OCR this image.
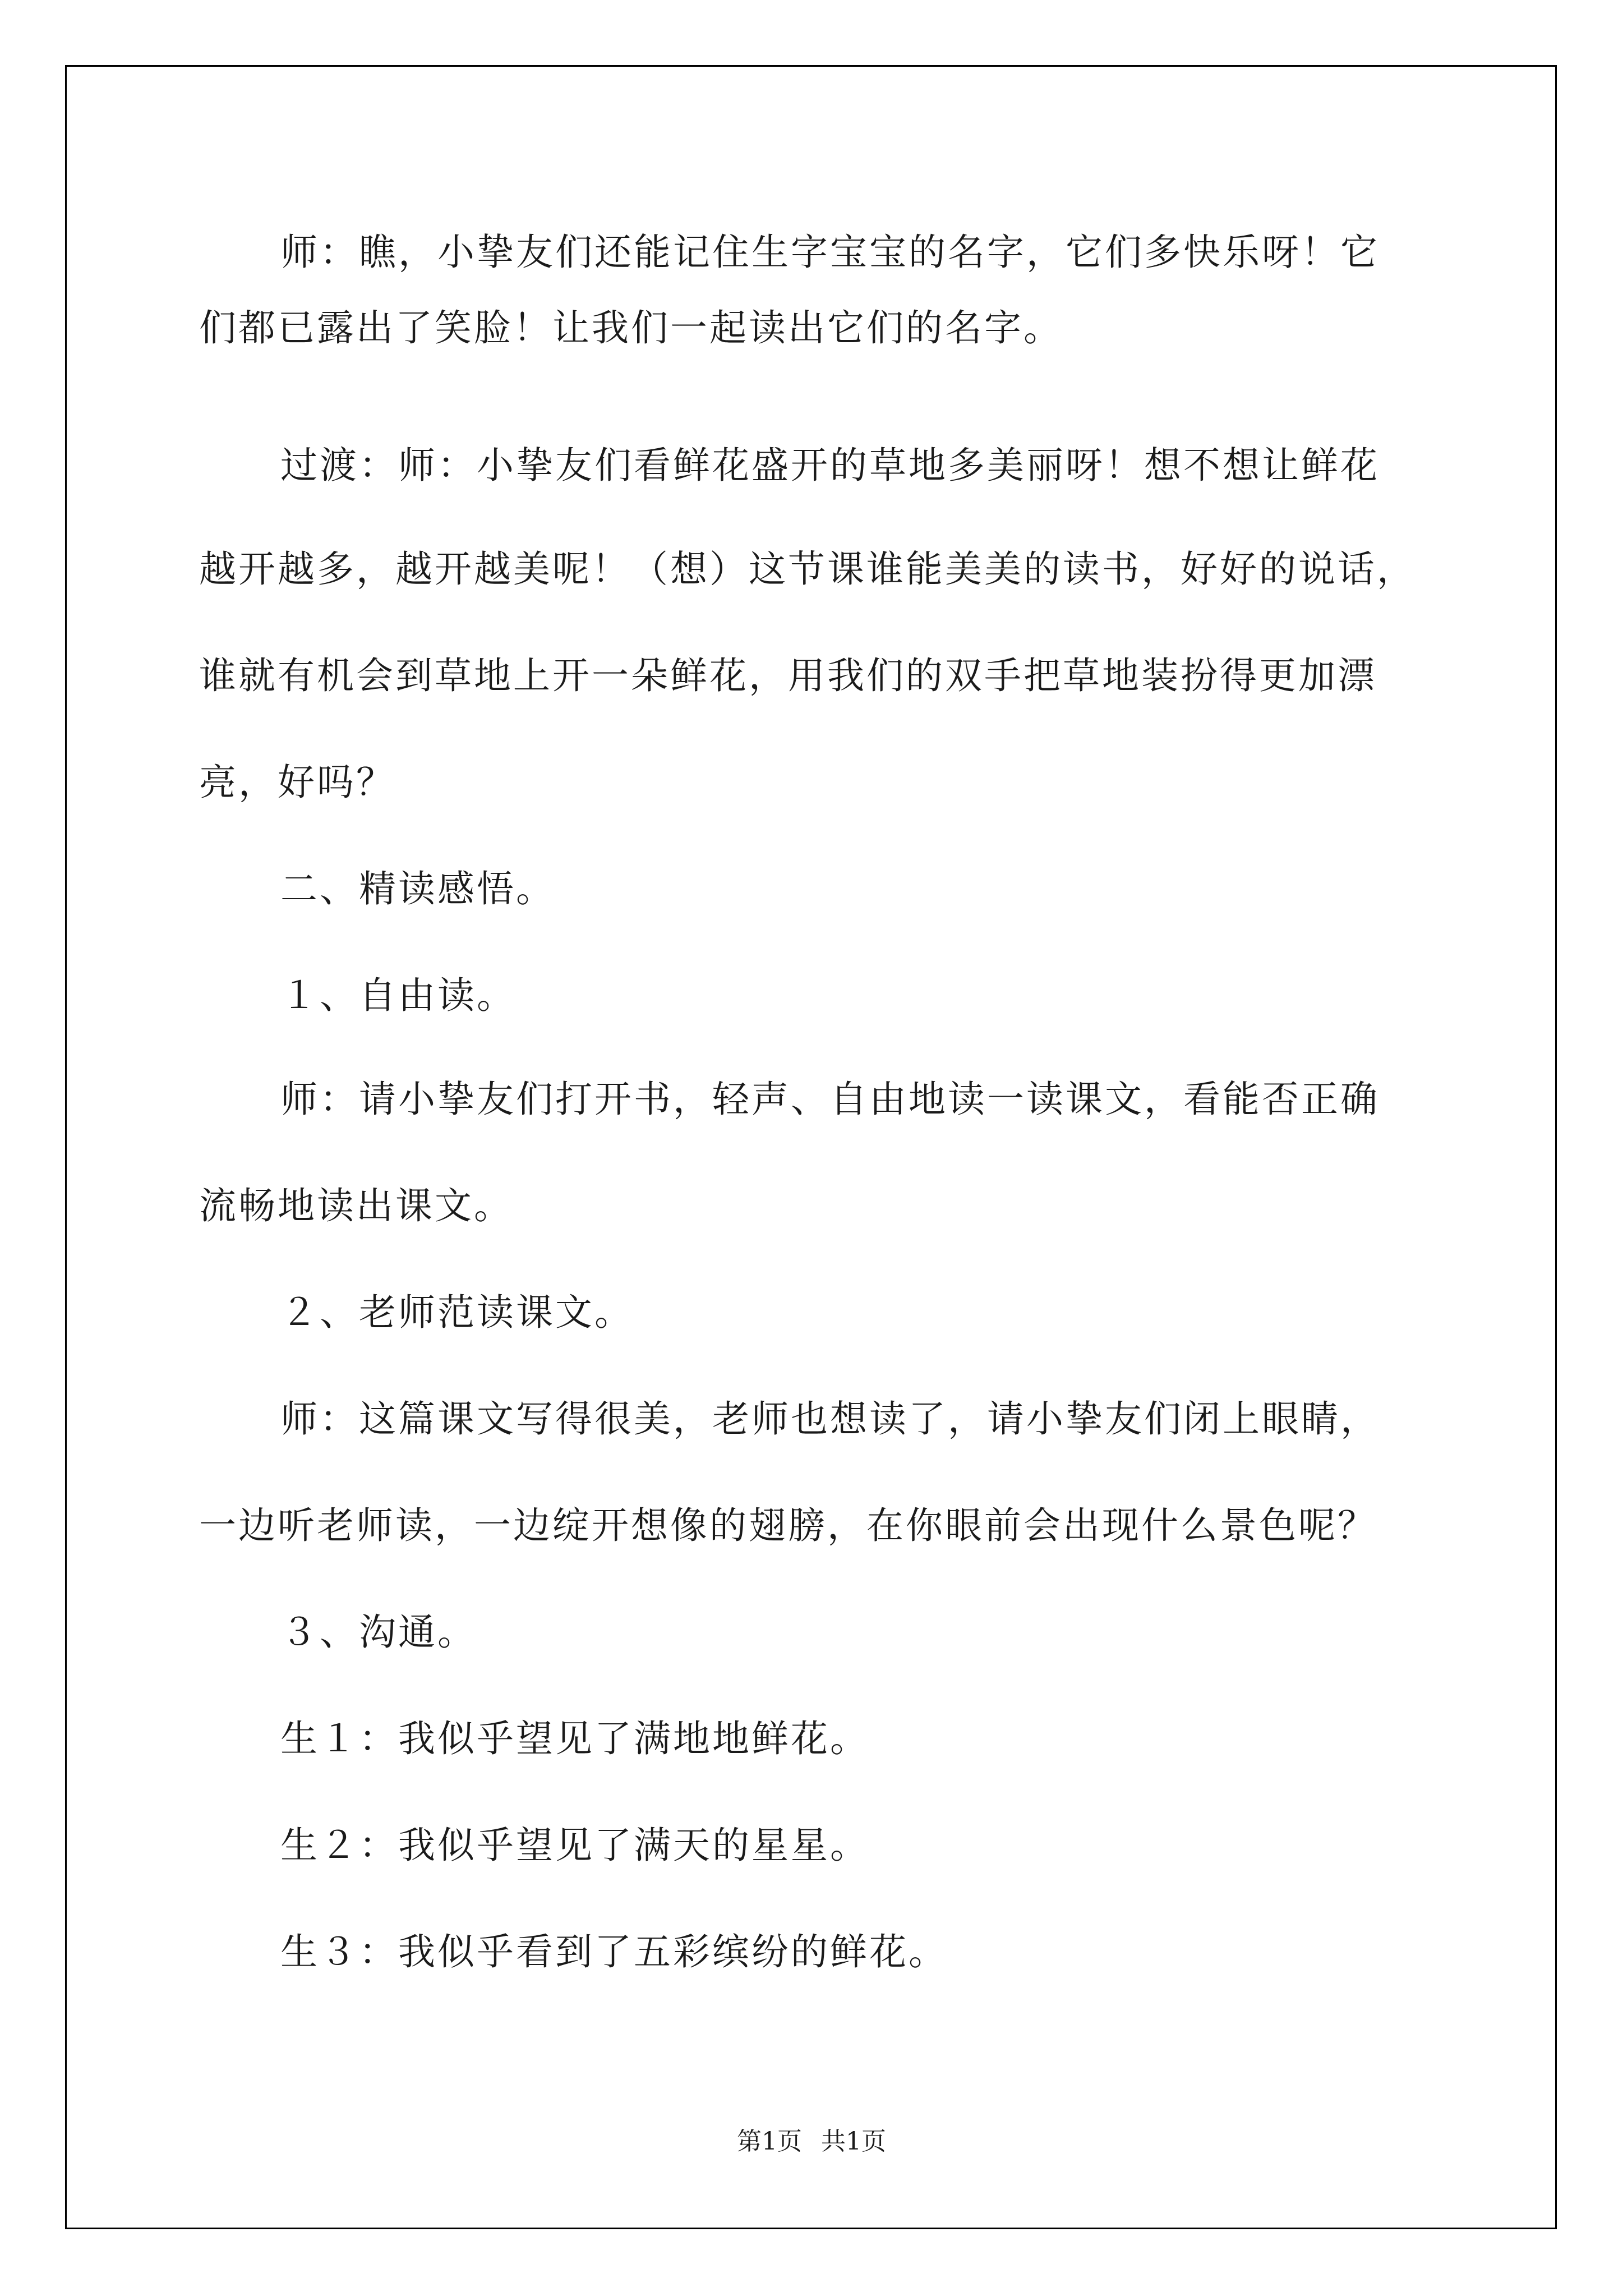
师：瞧，小挚友们还能记住生字宝宝的名字，它们多快乐呀！它
们都已露出了笑脸！让我们一起读出它们的名字。
过渡：师：小挚友们看鲜花盛开的草地多美丽呀！想不想让鲜花
越开越多，越开越美呢！（想）这节课谁能美美的读书，好好的说话，
谁就有机会到草地上开一朵鲜花，用我们的双手把草地装扮得更加漂
亮，好吗？
二、精读感悟。
１、自由读。
师：请小挚友们打开书，轻声、自由地读一读课文，看能否正确
流畅地读出课文。
２、老师范读课文。
师：这篇课文写得很美，老师也想读了，请小挚友们闭上眼睛，
一边听老师读，一边绽开想像的翅膀，在你眼前会出现什么景色呢？
３、沟通。
生１：我似乎望见了满地地鲜花。
生２：我似乎望见了满天的星星。
生３：我似乎看到了五彩缤纷的鲜花。
第1页 共1页
